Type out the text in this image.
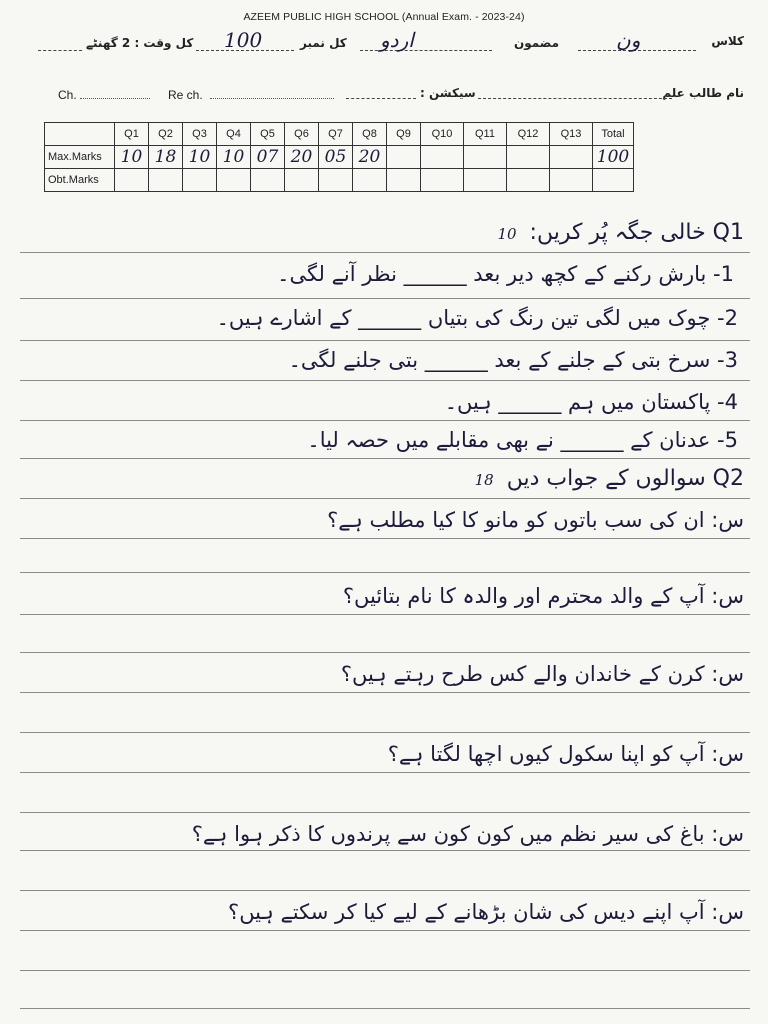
AZEEM PUBLIC HIGH SCHOOL (Annual Exam. - 2023-24)
کلاس
ون
مضمون
اردو
کل نمبر
100
کل وقت : 2 گھنٹے
نام طالب علم
سیکشن :
Ch.	Re ch.
	Q1	Q2	Q3	Q4	Q5	Q6	Q7	Q8	Q9	Q10	Q11	Q12	Q13	Total
Max.Marks	10	18	10	10	07	20	05	20						100
Obt.Marks														
Q1 خالی جگہ پُر کریں: 10
1- بارش رکنے کے کچھ دیر بعد ______ نظر آنے لگی۔
2- چوک میں لگی تین رنگ کی بتیاں ______ کے اشارے ہیں۔
3- سرخ بتی کے جلنے کے بعد ______ بتی جلنے لگی۔
4- پاکستان میں ہم ______ ہیں۔
5- عدنان کے ______ نے بھی مقابلے میں حصہ لیا۔
Q2 سوالوں کے جواب دیں 18
س: ان کی سب باتوں کو مانو کا کیا مطلب ہے؟
س: آپ کے والد محترم اور والدہ کا نام بتائیں؟
س: کرن کے خاندان والے کس طرح رہتے ہیں؟
س: آپ کو اپنا سکول کیوں اچھا لگتا ہے؟
س: باغ کی سیر نظم میں کون کون سے پرندوں کا ذکر ہوا ہے؟
س: آپ اپنے دیس کی شان بڑھانے کے لیے کیا کر سکتے ہیں؟
